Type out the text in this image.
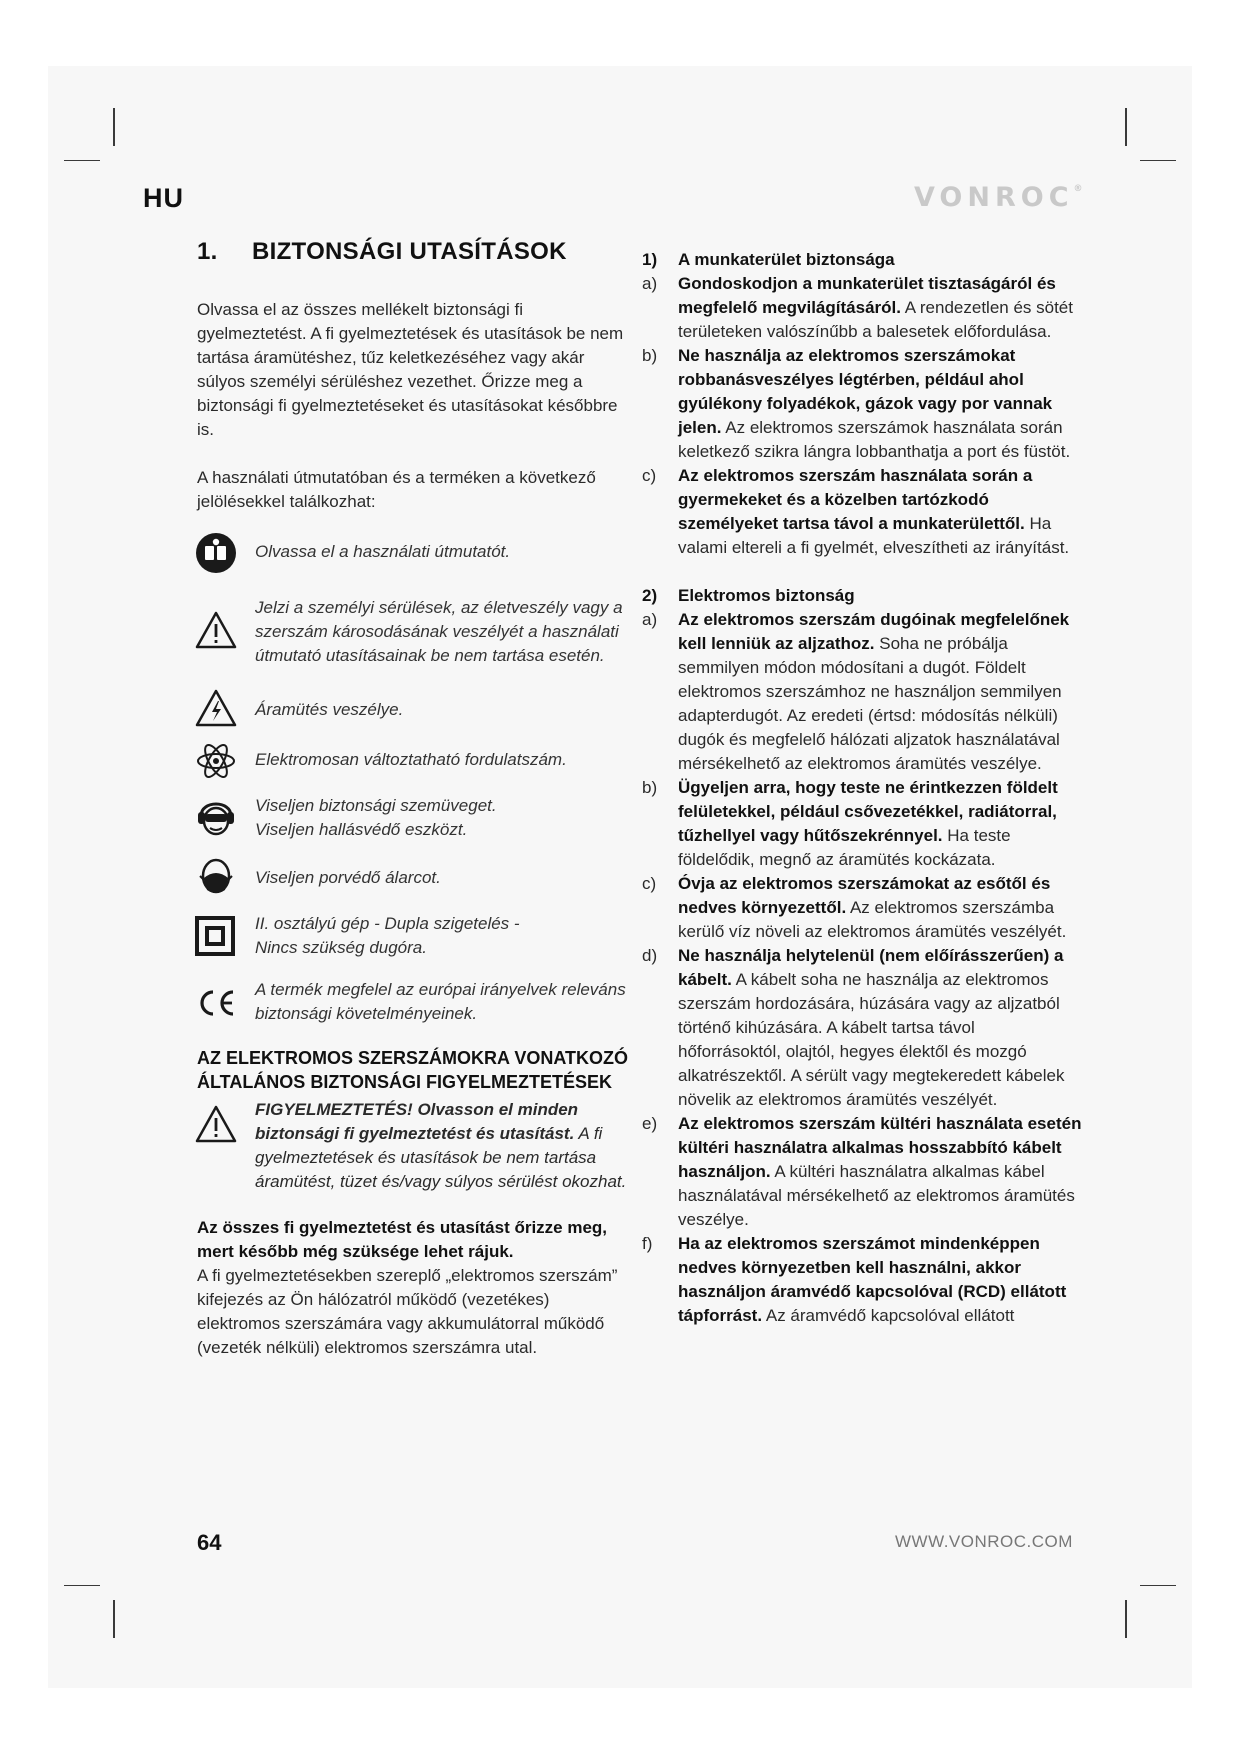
HU	VONROC®
1. BIZTONSÁGI UTASÍTÁSOK

Olvassa el az összes mellékelt biztonsági fi gyelmeztetést. A fi gyelmeztetések és utasítások be nem tartása áramütéshez, tűz keletkezéséhez vagy akár súlyos személyi sérüléshez vezethet. Őrizze meg a biztonsági fi gyelmeztetéseket és utasításokat későbbre is.

A használati útmutatóban és a terméken a következő jelölésekkel találkozhat:

Olvassa el a használati útmutatót.
Jelzi a személyi sérülések, az életveszély vagy a szerszám károsodásának veszélyét a használati útmutató utasításainak be nem tartása esetén.
Áramütés veszélye.
Elektromosan változtatható fordulatszám.
Viseljen biztonsági szemüveget.
Viseljen hallásvédő eszközt.
Viseljen porvédő álarcot.
II. osztályú gép - Dupla szigetelés -
Nincs szükség dugóra.
A termék megfelel az európai irányelvek releváns biztonsági követelményeinek.
AZ ELEKTROMOS SZERSZÁMOKRA VONATKOZÓ ÁLTALÁNOS BIZTONSÁGI FIGYELMEZTETÉSEK
FIGYELMEZTETÉS! Olvasson el minden biztonsági fi gyelmeztetést és utasítást. A fi gyelmeztetések és utasítások be nem tartása áramütést, tüzet és/vagy súlyos sérülést okozhat.

Az összes fi gyelmeztetést és utasítást őrizze meg, mert később még szüksége lehet rájuk.

A fi gyelmeztetésekben szereplő „elektromos szerszám” kifejezés az Ön hálózatról működő (vezetékes) elektromos szerszámára vagy akkumulátorral működő (vezeték nélküli) elektromos szerszámra utal.

1)	A munkaterület biztonsága
a)	Gondoskodjon a munkaterület tisztaságáról és megfelelő megvilágításáról. A rendezetlen és sötét területeken valószínűbb a balesetek előfordulása.
b)	Ne használja az elektromos szerszámokat robbanásveszélyes légtérben, például ahol gyúlékony folyadékok, gázok vagy por vannak jelen. Az elektromos szerszámok használata során keletkező szikra lángra lobbanthatja a port és füstöt.
c)	Az elektromos szerszám használata során a gyermekeket és a közelben tartózkodó személyeket tartsa távol a munkaterülettől. Ha valami eltereli a fi gyelmét, elveszítheti az irányítást.
2)	Elektromos biztonság
a)	Az elektromos szerszám dugóinak megfelelőnek kell lenniük az aljzathoz. Soha ne próbálja semmilyen módon módosítani a dugót. Földelt elektromos szerszámhoz ne használjon semmilyen adapterdugót. Az eredeti (értsd: módosítás nélküli) dugók és megfelelő hálózati aljzatok használatával mérsékelhető az elektromos áramütés veszélye.
b)	Ügyeljen arra, hogy teste ne érintkezzen földelt felületekkel, például csővezetékkel, radiátorral, tűzhellyel vagy hűtőszekrénnyel. Ha teste földelődik, megnő az áramütés kockázata.
c)	Óvja az elektromos szerszámokat az esőtől és nedves környezettől. Az elektromos szerszámba kerülő víz növeli az elektromos áramütés veszélyét.
d)	Ne használja helytelenül (nem előírásszerűen) a kábelt. A kábelt soha ne használja az elektromos szerszám hordozására, húzására vagy az aljzatból történő kihúzására. A kábelt tartsa távol hőforrásoktól, olajtól, hegyes élektől és mozgó alkatrészektől. A sérült vagy megtekeredett kábelek növelik az elektromos áramütés veszélyét.
e)	Az elektromos szerszám kültéri használata esetén kültéri használatra alkalmas hosszabbító kábelt használjon. A kültéri használatra alkalmas kábel használatával mérsékelhető az elektromos áramütés veszélye.
f)	Ha az elektromos szerszámot mindenképpen nedves környezetben kell használni, akkor használjon áramvédő kapcsolóval (RCD) ellátott tápforrást. Az áramvédő kapcsolóval ellátott
64	WWW.VONROC.COM
